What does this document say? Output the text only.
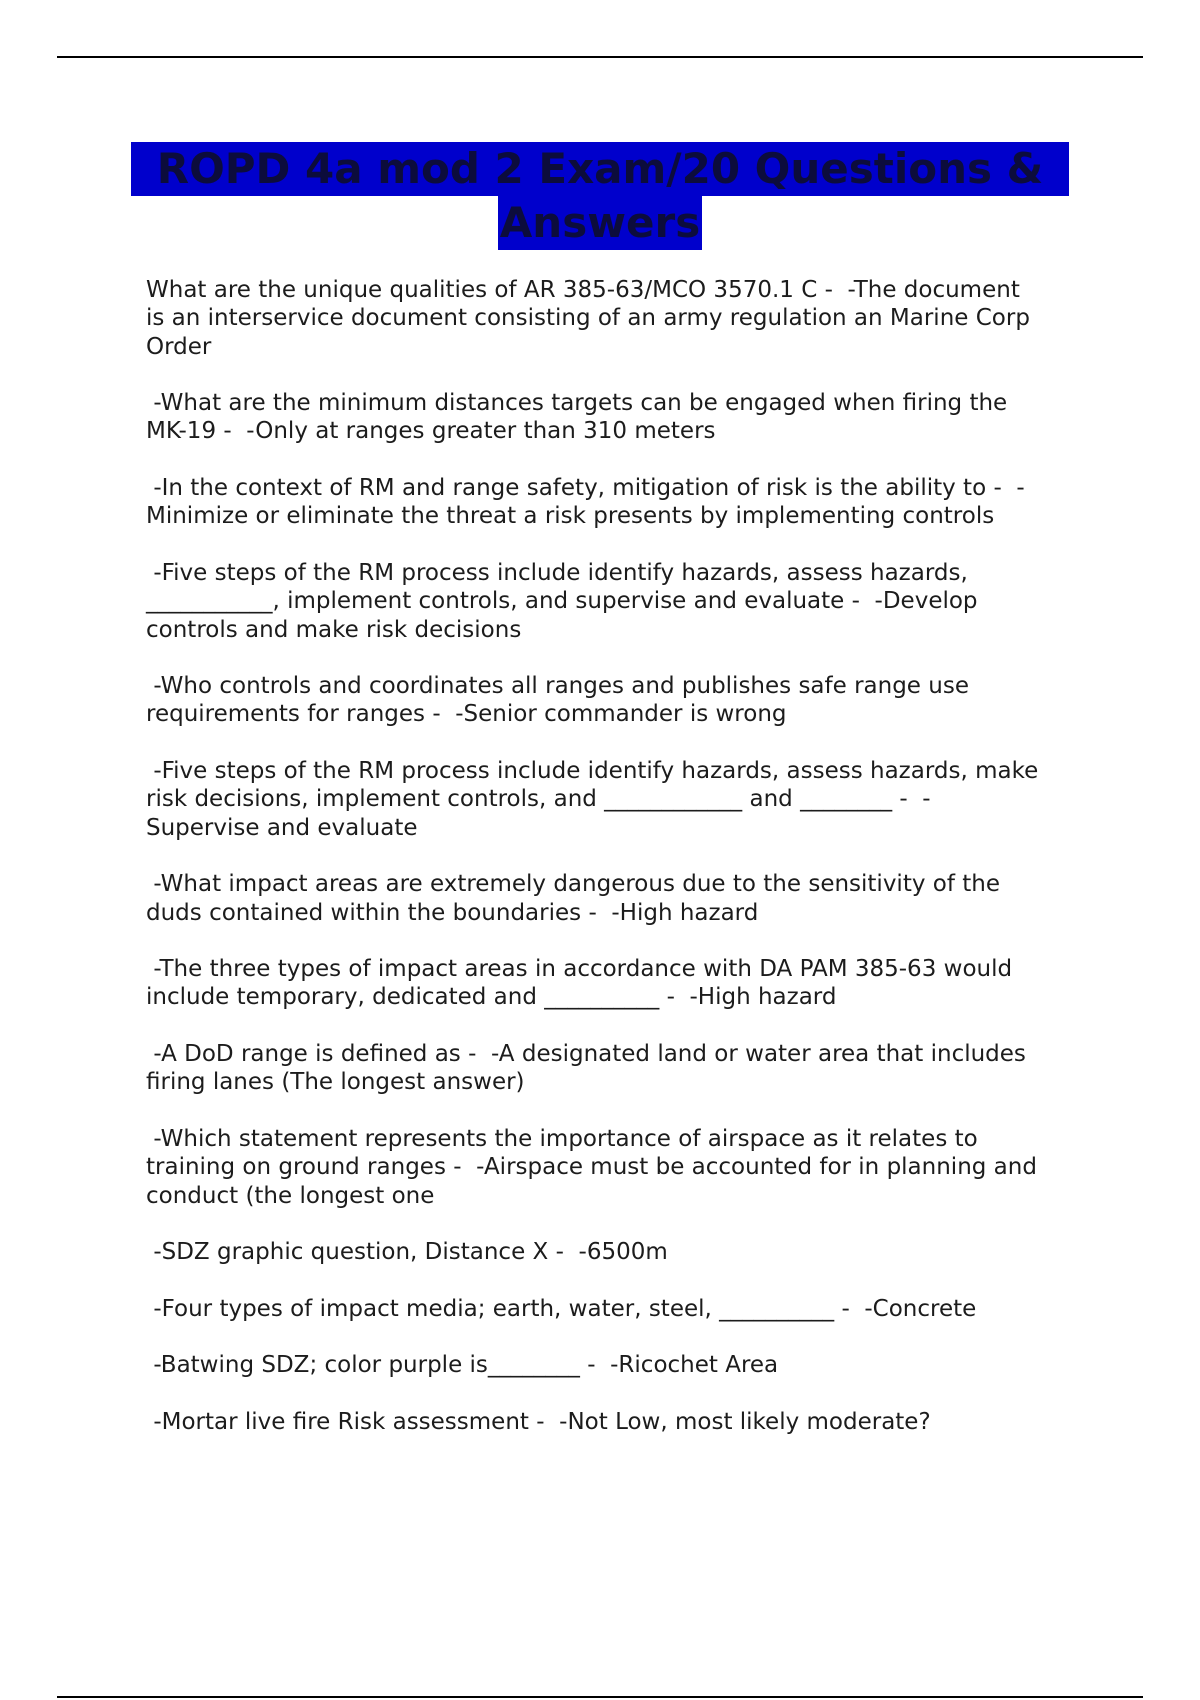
ROPD 4a mod 2 Exam/20 Questions &
Answers

What are the unique qualities of AR 385-63/MCO 3570.1 C -  -The document
is an interservice document consisting of an army regulation an Marine Corp
Order

-What are the minimum distances targets can be engaged when firing the
MK-19 -  -Only at ranges greater than 310 meters

-In the context of RM and range safety, mitigation of risk is the ability to -  -
Minimize or eliminate the threat a risk presents by implementing controls

-Five steps of the RM process include identify hazards, assess hazards,
___________, implement controls, and supervise and evaluate -  -Develop
controls and make risk decisions

-Who controls and coordinates all ranges and publishes safe range use
requirements for ranges -  -Senior commander is wrong

-Five steps of the RM process include identify hazards, assess hazards, make
risk decisions, implement controls, and ____________ and ________ -  -
Supervise and evaluate

-What impact areas are extremely dangerous due to the sensitivity of the
duds contained within the boundaries -  -High hazard

-The three types of impact areas in accordance with DA PAM 385-63 would
include temporary, dedicated and __________ -  -High hazard

-A DoD range is defined as -  -A designated land or water area that includes
firing lanes (The longest answer)

-Which statement represents the importance of airspace as it relates to
training on ground ranges -  -Airspace must be accounted for in planning and
conduct (the longest one

-SDZ graphic question, Distance X -  -6500m

-Four types of impact media; earth, water, steel, __________ -  -Concrete

-Batwing SDZ; color purple is________ -  -Ricochet Area

-Mortar live fire Risk assessment -  -Not Low, most likely moderate?
